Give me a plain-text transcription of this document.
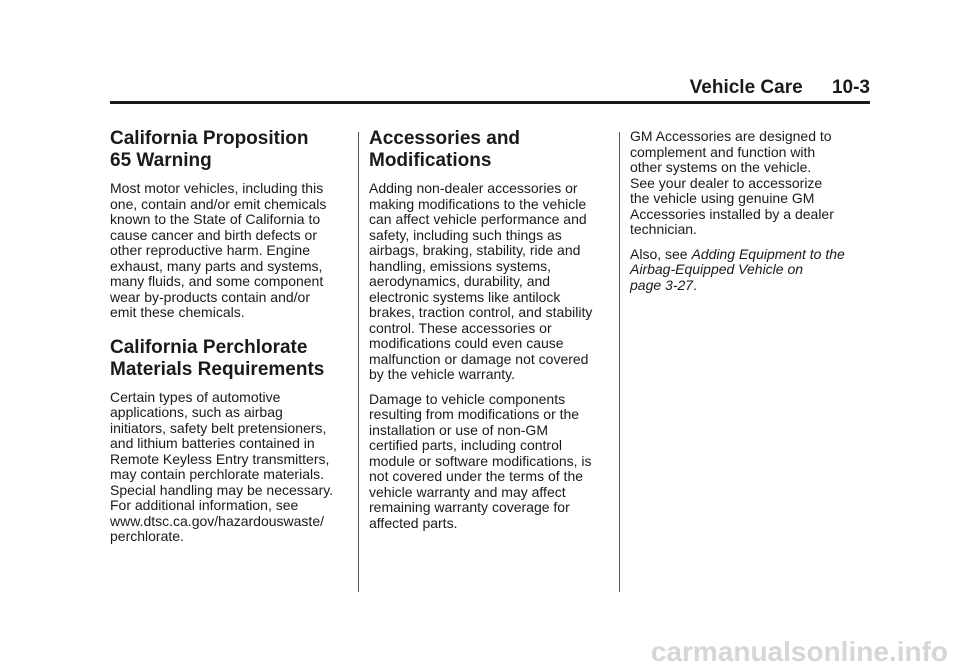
Vehicle Care 10-3
California Proposition
65 Warning

Most motor vehicles, including this
one, contain and/or emit chemicals
known to the State of California to
cause cancer and birth defects or
other reproductive harm. Engine
exhaust, many parts and systems,
many fluids, and some component
wear by-products contain and/or
emit these chemicals.

California Perchlorate
Materials Requirements

Certain types of automotive
applications, such as airbag
initiators, safety belt pretensioners,
and lithium batteries contained in
Remote Keyless Entry transmitters,
may contain perchlorate materials.
Special handling may be necessary.
For additional information, see
www.dtsc.ca.gov/hazardouswaste/
perchlorate.

Accessories and
Modifications

Adding non-dealer accessories or
making modifications to the vehicle
can affect vehicle performance and
safety, including such things as
airbags, braking, stability, ride and
handling, emissions systems,
aerodynamics, durability, and
electronic systems like antilock
brakes, traction control, and stability
control. These accessories or
modifications could even cause
malfunction or damage not covered
by the vehicle warranty.

Damage to vehicle components
resulting from modifications or the
installation or use of non-GM
certified parts, including control
module or software modifications, is
not covered under the terms of the
vehicle warranty and may affect
remaining warranty coverage for
affected parts.

GM Accessories are designed to
complement and function with
other systems on the vehicle.
See your dealer to accessorize
the vehicle using genuine GM
Accessories installed by a dealer
technician.

Also, see Adding Equipment to the
Airbag-Equipped Vehicle on
page 3-27.

carmanualsonline.info
